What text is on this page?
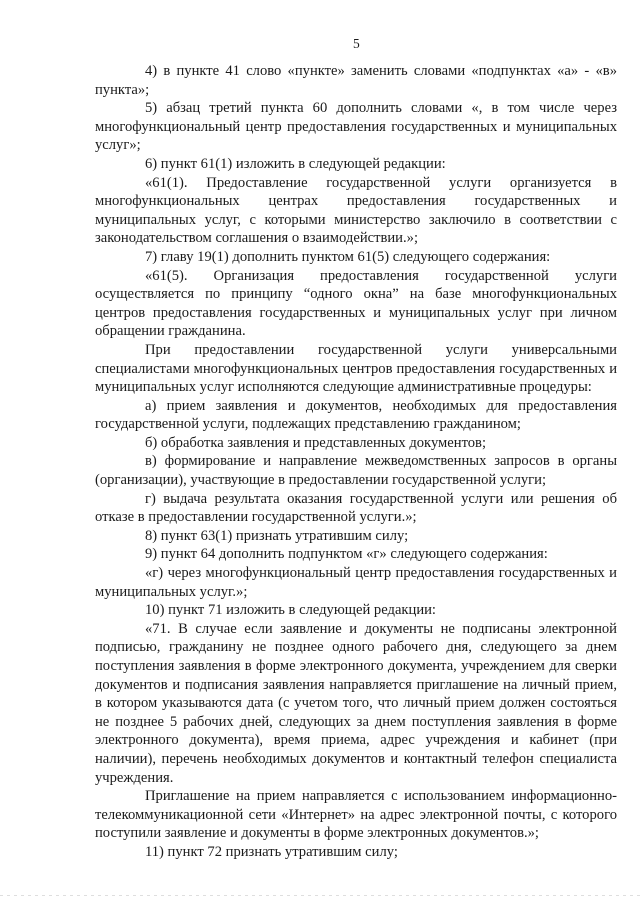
5

4) в пункте 41 слово «пункте» заменить словами «подпунктах «а» - «в» пункта»;

5) абзац третий пункта 60 дополнить словами «, в том числе через многофункциональный центр предоставления государственных и муниципальных услуг»;

6) пункт 61(1) изложить в следующей редакции:

«61(1). Предоставление государственной услуги организуется в многофункциональных центрах предоставления государственных и муниципальных услуг, с которыми министерство заключило в соответствии с законодательством соглашения о взаимодействии.»;

7) главу 19(1) дополнить пунктом 61(5) следующего содержания:

«61(5). Организация предоставления государственной услуги осуществляется по принципу “одного окна” на базе многофункциональных центров предоставления государственных и муниципальных услуг при личном обращении гражданина.

При предоставлении государственной услуги универсальными специалистами многофункциональных центров предоставления государственных и муниципальных услуг исполняются следующие административные процедуры:

а) прием заявления и документов, необходимых для предоставления государственной услуги, подлежащих представлению гражданином;

б) обработка заявления и представленных документов;

в) формирование и направление межведомственных запросов в органы (организации), участвующие в предоставлении государственной услуги;

г) выдача результата оказания государственной услуги или решения об отказе в предоставлении государственной услуги.»;

8) пункт 63(1) признать утратившим силу;

9) пункт 64 дополнить подпунктом «г» следующего содержания:

«г) через многофункциональный центр предоставления государственных и муниципальных услуг.»;

10) пункт 71 изложить в следующей редакции:

«71. В случае если заявление и документы не подписаны электронной подписью, гражданину не позднее одного рабочего дня, следующего за днем поступления заявления в форме электронного документа, учреждением для сверки документов и подписания заявления направляется приглашение на личный прием, в котором указываются дата (с учетом того, что личный прием должен состояться не позднее 5 рабочих дней, следующих за днем поступления заявления в форме электронного документа), время приема, адрес учреждения и кабинет (при наличии), перечень необходимых документов и контактный телефон специалиста учреждения.

Приглашение на прием направляется с использованием информационно-телекоммуникационной сети «Интернет» на адрес электронной почты, с которого поступили заявление и документы в форме электронных документов.»;

11) пункт 72 признать утратившим силу;
